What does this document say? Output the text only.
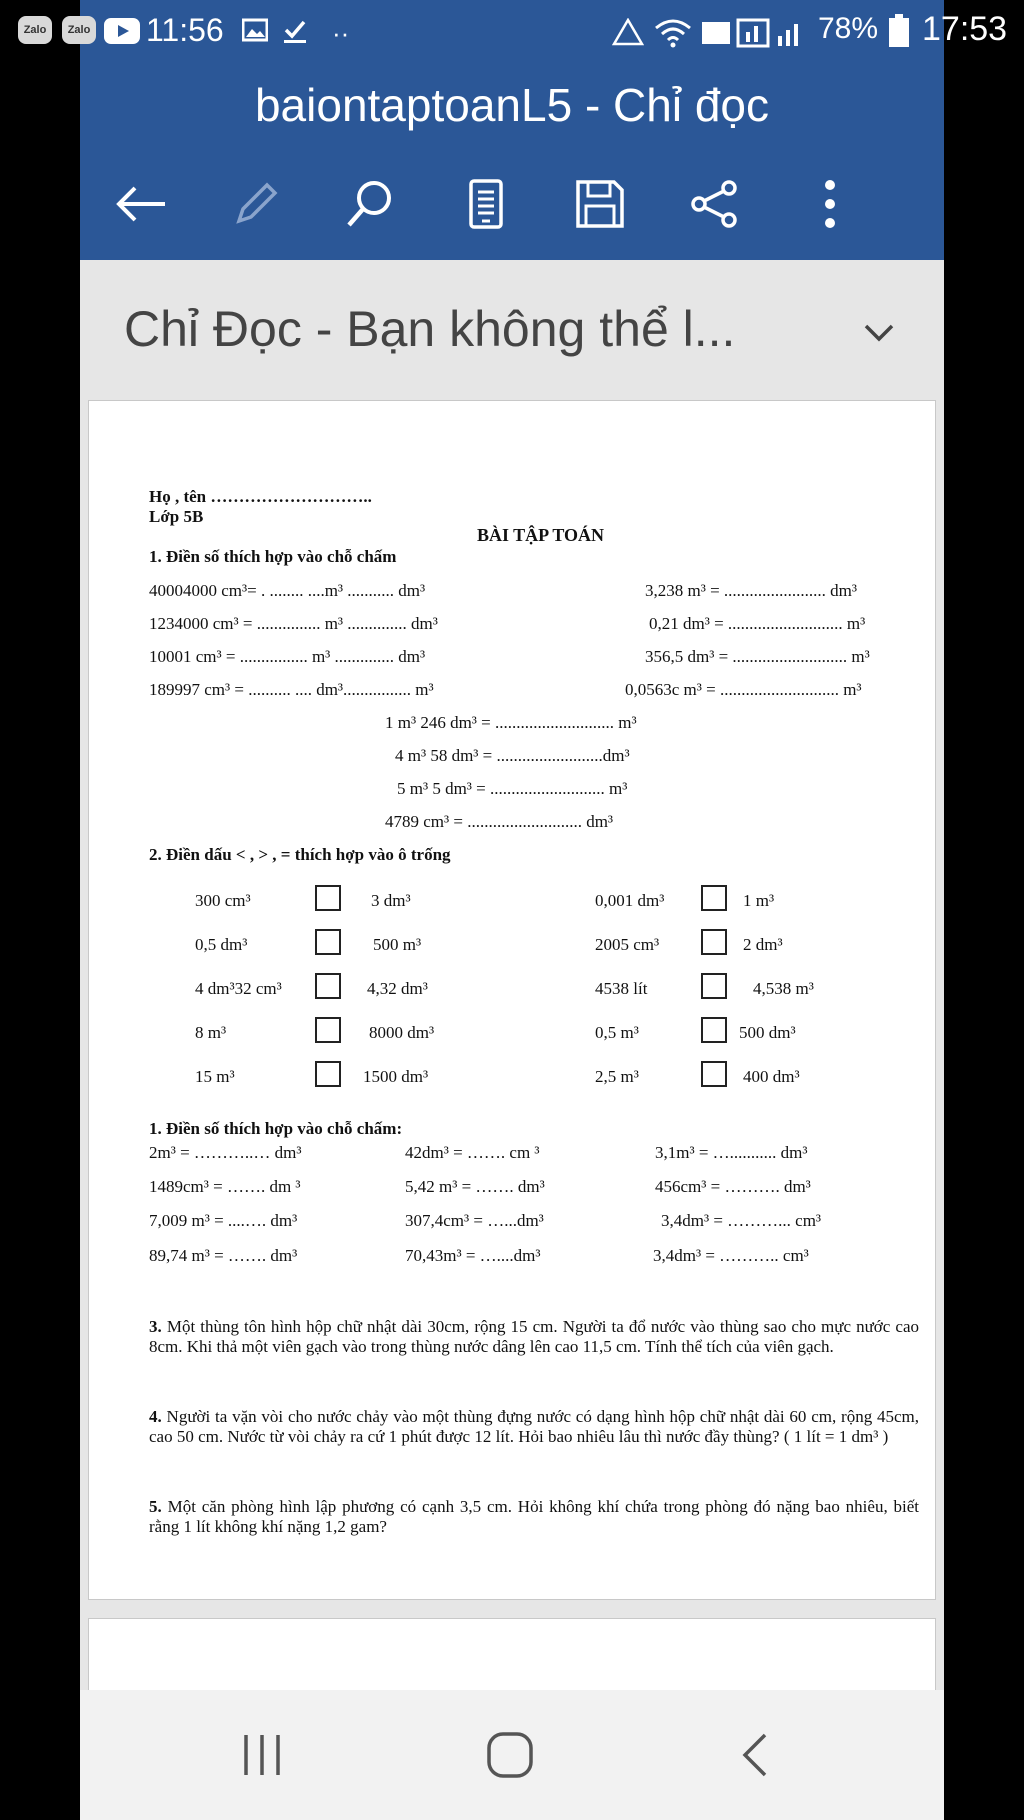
Zalo	Zalo 11:56	··	78% 17:53
baiontaptoanL5 - Chỉ đọc
Chỉ Đọc - Bạn không thể l...
Họ , tên ………………………..
Lớp 5B
BÀI TẬP TOÁN
1. Điền số thích hợp vào chỗ chấm
40004000 cm³= . ........ ....m³ ........... dm³	3,238 m³ = ........................ dm³
1234000 cm³ = ............... m³ .............. dm³	0,21 dm³ = ........................... m³
10001 cm³ = ................ m³ .............. dm³	356,5 dm³ = ........................... m³
189997 cm³ = .......... .... dm³................ m³	0,0563c m³ = ............................ m³
1 m³ 246 dm³ = ............................ m³
4 m³ 58 dm³ = .........................dm³
5 m³ 5 dm³ = ........................... m³
4789 cm³ = ........................... dm³
2. Điền dấu < , > , = thích hợp vào ô trống
300 cm³	3 dm³	0,001 dm³	1 m³
0,5 dm³	500 m³	2005 cm³	2 dm³
4 dm³32 cm³	4,32 dm³	4538 lít	4,538 m³
8 m³	8000 dm³	0,5 m³	500 dm³
15 m³	1500 dm³	2,5 m³	400 dm³
1. Điền số thích hợp vào chỗ chấm:
2m³ = ………..… dm³	42dm³ = ……. cm ³	3,1m³ = …........... dm³
1489cm³ = ……. dm ³	5,42 m³ = ……. dm³	456cm³ = ………. dm³
7,009 m³ = ....…. dm³	307,4cm³ = …...dm³	3,4dm³ = ………... cm³
89,74 m³ = ……. dm³	70,43m³ = …....dm³	3,4dm³ = ……….. cm³
3. Một thùng tôn hình hộp chữ nhật dài 30cm, rộng 15 cm. Người ta đổ nước vào thùng sao cho mực nước cao 8cm. Khi thả một viên gạch vào trong thùng nước dâng lên cao 11,5 cm. Tính thể tích của viên gạch.
4. Người ta vặn vòi cho nước chảy vào một thùng đựng nước có dạng hình hộp chữ nhật dài 60 cm, rộng 45cm, cao 50 cm. Nước từ vòi chảy ra cứ 1 phút được 12 lít. Hỏi bao nhiêu lâu thì nước đầy thùng? ( 1 lít = 1 dm³ )
5. Một căn phòng hình lập phương có cạnh 3,5 cm. Hỏi không khí chứa trong phòng đó nặng bao nhiêu, biết rằng 1 lít không khí nặng 1,2 gam?
